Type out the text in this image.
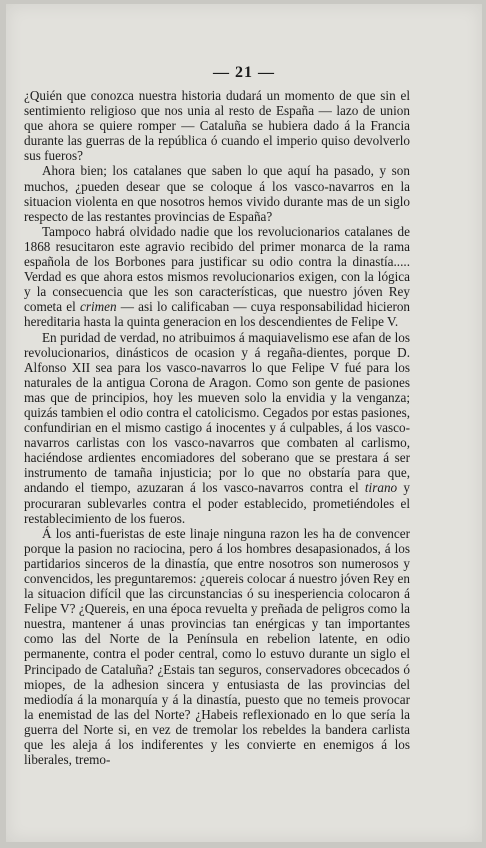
— 21 —

¿Quién que conozca nuestra historia dudará un momento de que sin el sentimiento religioso que nos unia al resto de España — lazo de union que ahora se quiere romper — Cataluña se hubiera dado á la Francia durante las guerras de la república ó cuando el imperio quiso devolverlo sus fueros?

Ahora bien; los catalanes que saben lo que aquí ha pasado, y son muchos, ¿pueden desear que se coloque á los vasco-navarros en la situacion violenta en que nosotros hemos vivido durante mas de un siglo respecto de las restantes provincias de España?

Tampoco habrá olvidado nadie que los revolucionarios catalanes de 1868 resucitaron este agravio recibido del primer monarca de la rama española de los Borbones para justificar su odio contra la dinastía..... Verdad es que ahora estos mismos revolucionarios exigen, con la lógica y la consecuencia que les son características, que nuestro jóven Rey cometa el crimen — asi lo calificaban — cuya responsabilidad hicieron hereditaria hasta la quinta generacion en los descendientes de Felipe V.

En puridad de verdad, no atribuimos á maquiavelismo ese afan de los revolucionarios, dinásticos de ocasion y á regaña-dientes, porque D. Alfonso XII sea para los vasco-navarros lo que Felipe V fué para los naturales de la antigua Corona de Aragon. Como son gente de pasiones mas que de principios, hoy les mueven solo la envidia y la venganza; quizás tambien el odio contra el catolicismo. Cegados por estas pasiones, confundirian en el mismo castigo á inocentes y á culpables, á los vasco-navarros carlistas con los vasco-navarros que combaten al carlismo, haciéndose ardientes encomiadores del soberano que se prestara á ser instrumento de tamaña injusticia; por lo que no obstaría para que, andando el tiempo, azuzaran á los vasco-navarros contra el tirano y procuraran sublevarles contra el poder establecido, prometiéndoles el restablecimiento de los fueros.

Á los anti-fueristas de este linaje ninguna razon les ha de convencer porque la pasion no raciocina, pero á los hombres desapasionados, á los partidarios sinceros de la dinastía, que entre nosotros son numerosos y convencidos, les preguntaremos: ¿quereis colocar á nuestro jóven Rey en la situacion difícil que las circunstancias ó su inesperiencia colocaron á Felipe V? ¿Quereis, en una época revuelta y preñada de peligros como la nuestra, mantener á unas provincias tan enérgicas y tan importantes como las del Norte de la Península en rebelion latente, en odio permanente, contra el poder central, como lo estuvo durante un siglo el Principado de Cataluña? ¿Estais tan seguros, conservadores obcecados ó miopes, de la adhesion sincera y entusiasta de las provincias del mediodía á la monarquía y á la dinastía, puesto que no temeis provocar la enemistad de las del Norte? ¿Habeis reflexionado en lo que sería la guerra del Norte si, en vez de tremolar los rebeldes la bandera carlista que les aleja á los indiferentes y les convierte en enemigos á los liberales, tremo-
